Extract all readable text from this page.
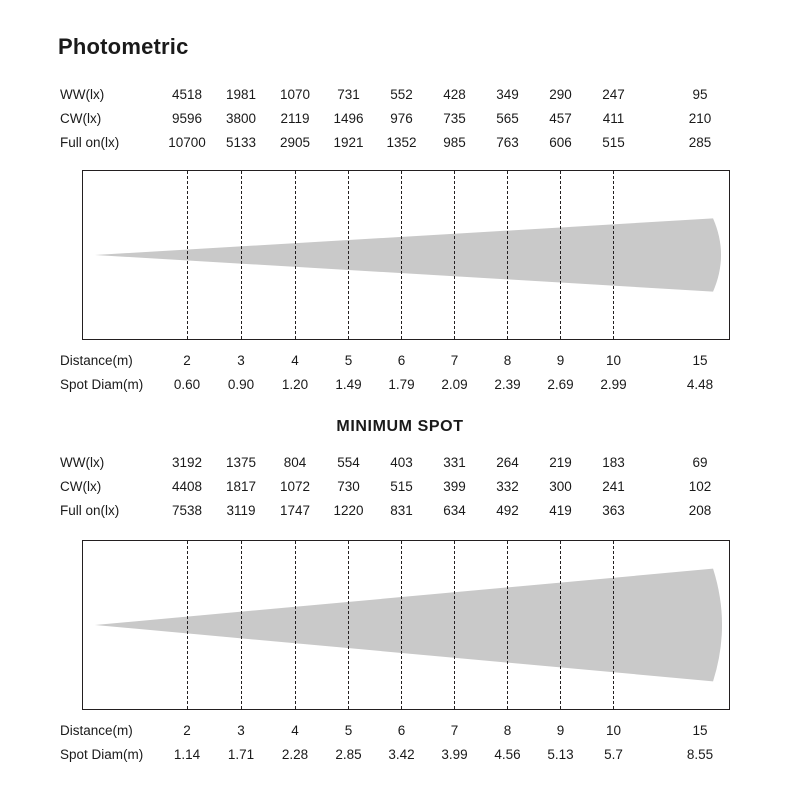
Photometric
WW(lx)	4518	1981	1070	731	552	428	349	290	247	95
CW(lx)	9596	3800	2119	1496	976	735	565	457	411	210
Full on(lx)	10700	5133	2905	1921	1352	985	763	606	515	285
Distance(m)	2	3	4	5	6	7	8	9	10	15
Spot Diam(m)	0.60	0.90	1.20	1.49	1.79	2.09	2.39	2.69	2.99	4.48
MINIMUM SPOT
WW(lx)	3192	1375	804	554	403	331	264	219	183	69
CW(lx)	4408	1817	1072	730	515	399	332	300	241	102
Full on(lx)	7538	3119	1747	1220	831	634	492	419	363	208
Distance(m)	2	3	4	5	6	7	8	9	10	15
Spot Diam(m)	1.14	1.71	2.28	2.85	3.42	3.99	4.56	5.13	5.7	8.55
